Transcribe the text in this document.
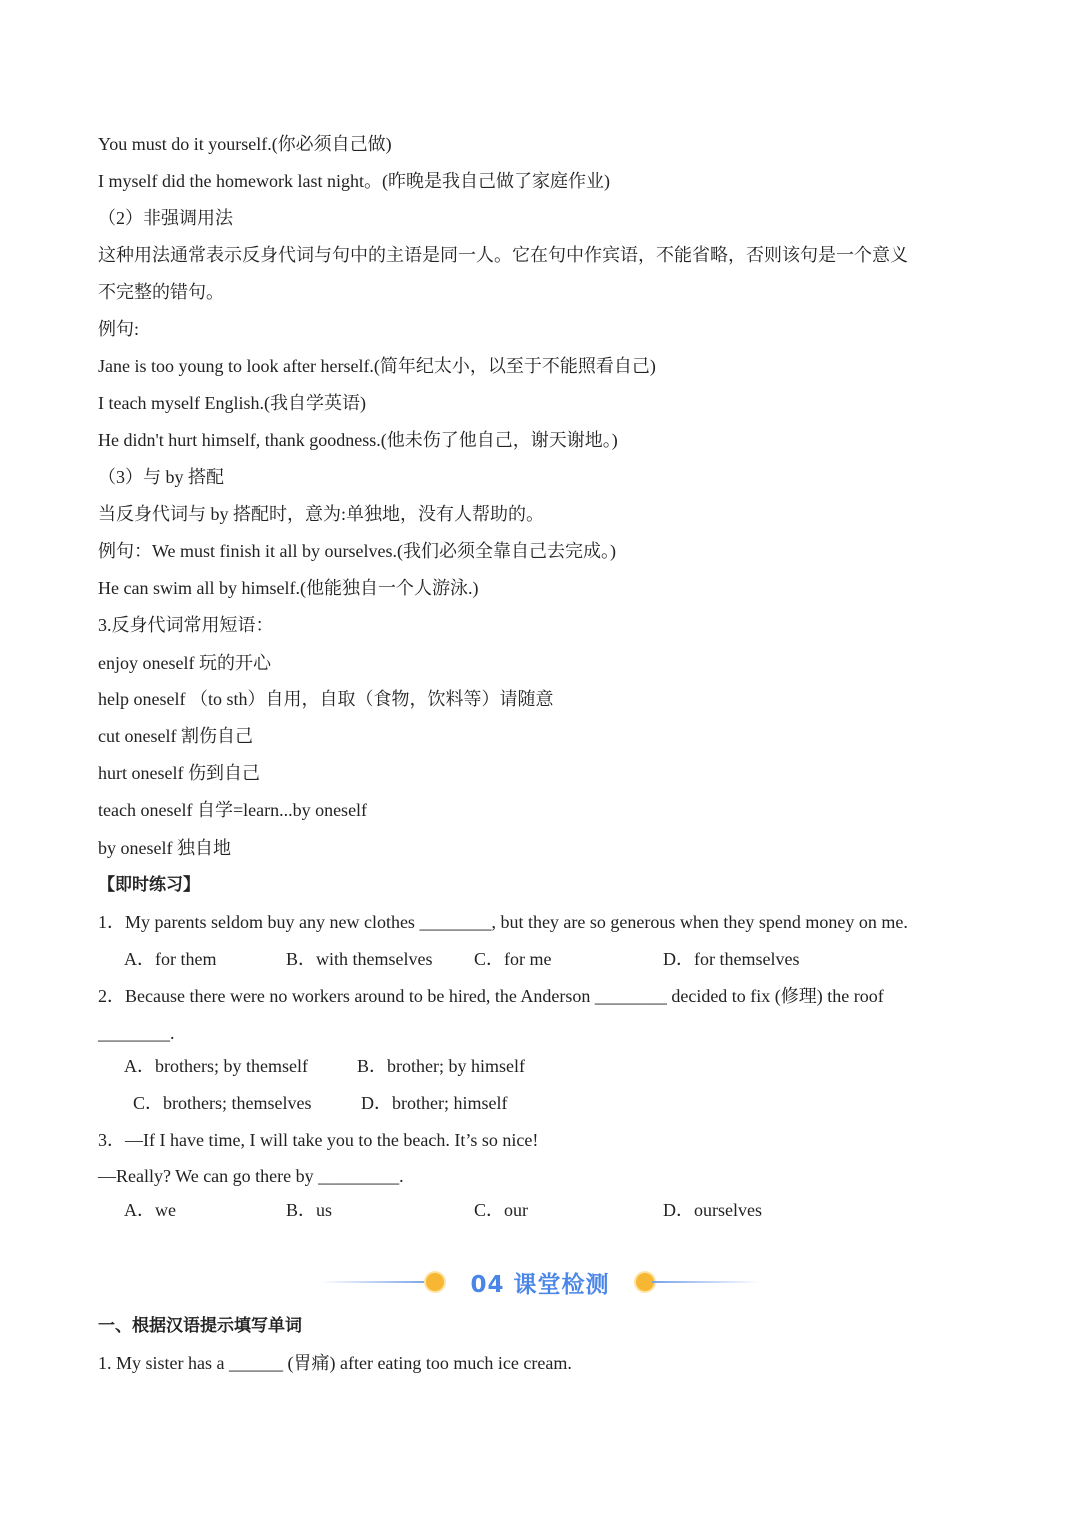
You must do it yourself.(你必须自己做)
I myself did the homework last night。(昨晚是我自己做了家庭作业)
（2）非强调用法
这种用法通常表示反身代词与句中的主语是同一人。它在句中作宾语，不能省略，否则该句是一个意义
不完整的错句。
例句:
Jane is too young to look after herself.(简年纪太小，以至于不能照看自己)
I teach myself English.(我自学英语)
He didn't hurt himself, thank goodness.(他未伤了他自己，谢天谢地。)
（3）与 by 搭配
当反身代词与 by 搭配时，意为:单独地，没有人帮助的。
例句：We must finish it all by ourselves.(我们必须全靠自己去完成。)
He can swim all by himself.(他能独自一个人游泳.)
3.反身代词常用短语：
enjoy oneself 玩的开心
help oneself （to sth）自用，自取（食物，饮料等）请随意
cut oneself 割伤自己
hurt oneself 伤到自己
teach oneself 自学=learn...by oneself
by oneself 独自地
【即时练习】
1．My parents seldom buy any new clothes ________, but they are so generous when they spend money on me.
A．for them	B．with themselves C．for me	D．for themselves
2．Because there were no workers around to be hired, the Anderson ________ decided to fix (修理) the roof
________.
A．brothers; by themself	B．brother; by himself
C．brothers; themselves	D．brother; himself
3．—If I have time, I will take you to the beach. It’s so nice!
—Really? We can go there by _________.
A．we	B．us	C．our	D．ourselves
04 课堂检测
一、根据汉语提示填写单词
1. My sister has a ______ (胃痛) after eating too much ice cream.
